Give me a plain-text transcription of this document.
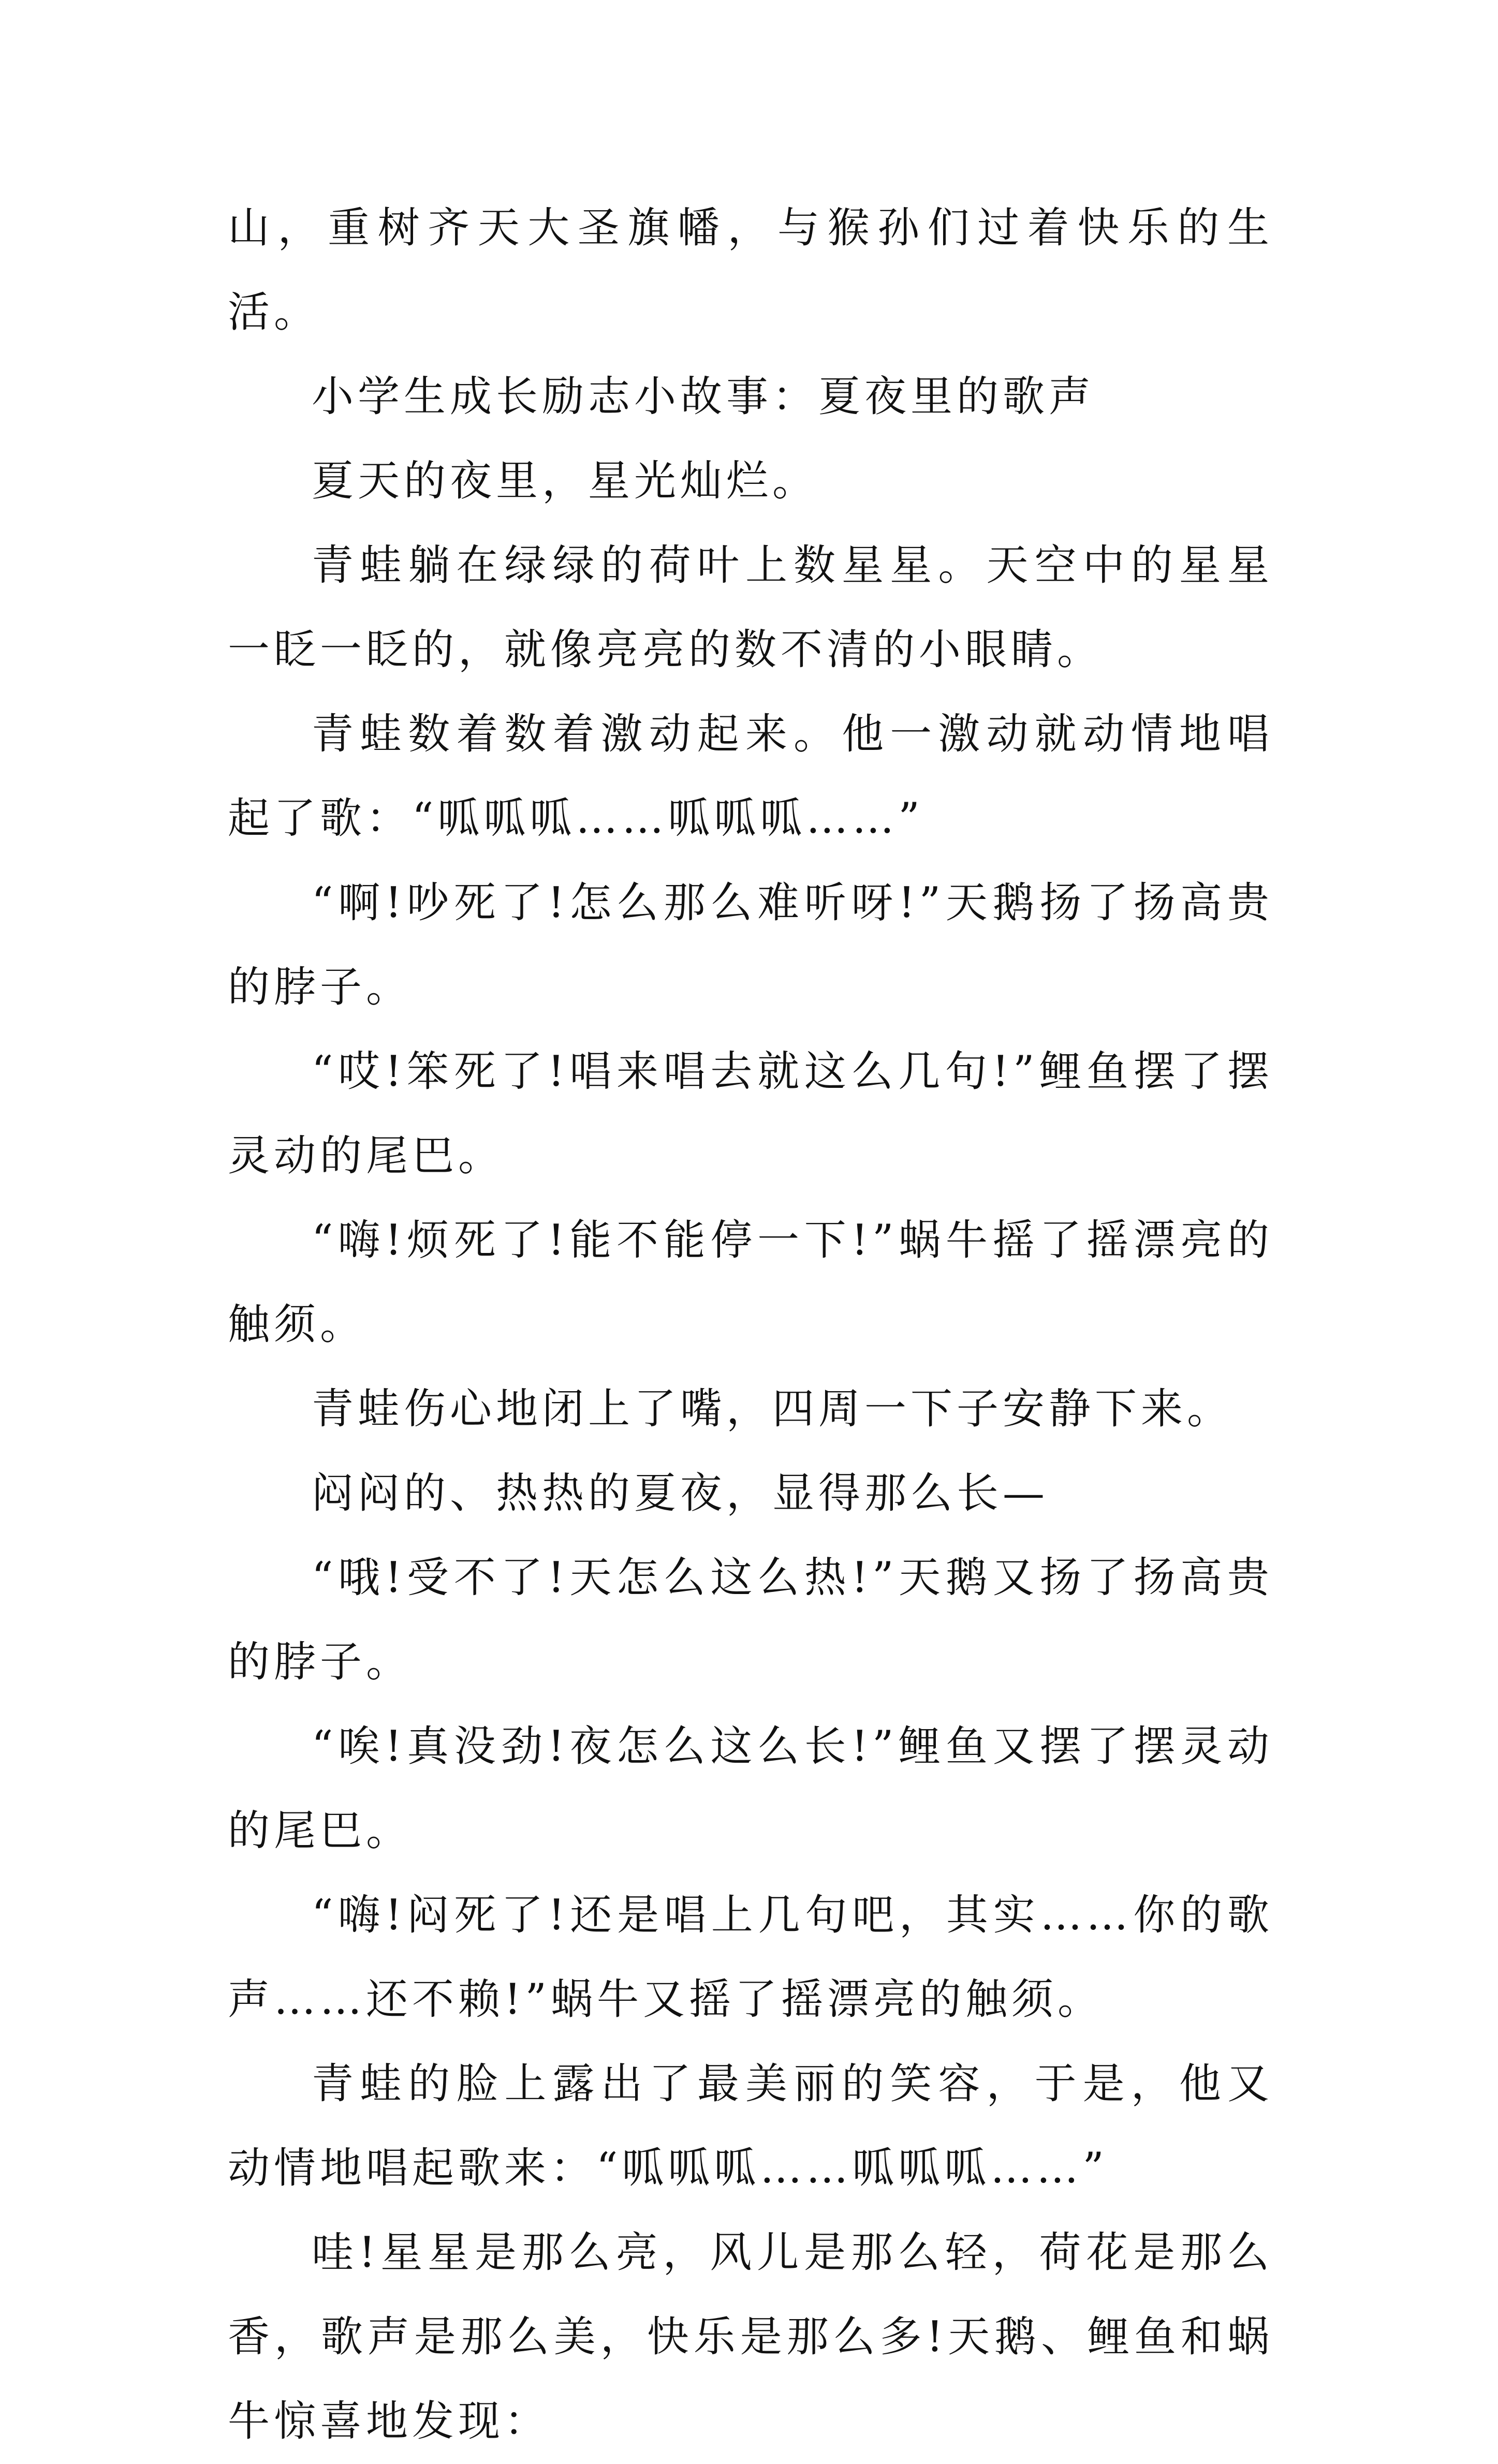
山，重树齐天大圣旗幡，与猴孙们过着快乐的生活。

小学生成长励志小故事：夏夜里的歌声

夏天的夜里，星光灿烂。

青蛙躺在绿绿的荷叶上数星星。天空中的星星一眨一眨的，就像亮亮的数不清的小眼睛。

青蛙数着数着激动起来。他一激动就动情地唱起了歌：“呱呱呱……呱呱呱……”

“啊!吵死了!怎么那么难听呀!”天鹅扬了扬高贵的脖子。

“哎!笨死了!唱来唱去就这么几句!”鲤鱼摆了摆灵动的尾巴。

“嗨!烦死了!能不能停一下!”蜗牛摇了摇漂亮的触须。

青蛙伤心地闭上了嘴，四周一下子安静下来。

闷闷的、热热的夏夜，显得那么长—

“哦!受不了!天怎么这么热!”天鹅又扬了扬高贵的脖子。

“唉!真没劲!夜怎么这么长!”鲤鱼又摆了摆灵动的尾巴。

“嗨!闷死了!还是唱上几句吧，其实……你的歌声……还不赖!”蜗牛又摇了摇漂亮的触须。

青蛙的脸上露出了最美丽的笑容，于是，他又动情地唱起歌来：“呱呱呱……呱呱呱……”

哇!星星是那么亮，风儿是那么轻，荷花是那么香，歌声是那么美，快乐是那么多!天鹅、鲤鱼和蜗牛惊喜地发现：
